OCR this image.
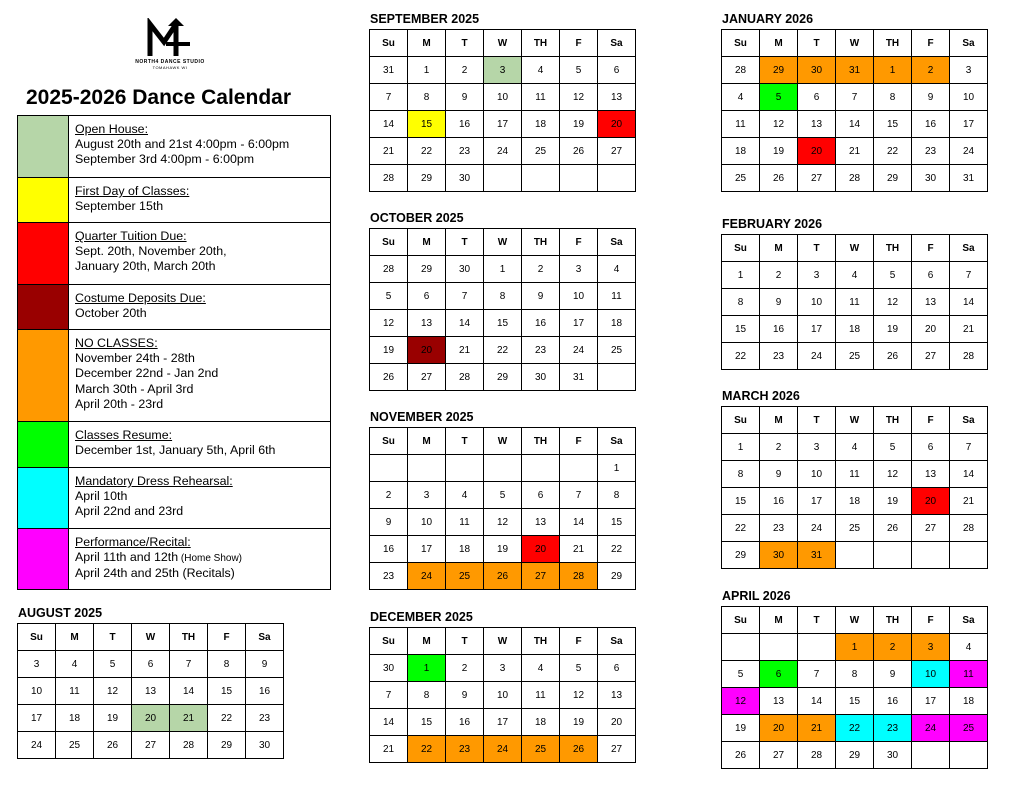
NORTH4 DANCE STUDIO
TOMAHAWK WI
2025-2026 Dance Calendar

	Open House:
August 20th and 21st 4:00pm - 6:00pm
September 3rd 4:00pm - 6:00pm

	First Day of Classes:
September 15th

	Quarter Tuition Due:
Sept. 20th, November 20th,
January 20th, March 20th

	Costume Deposits Due:
October 20th

	NO CLASSES:
November 24th - 28th
December 22nd - Jan 2nd
March 30th - April 3rd
April 20th - 23rd

	Classes Resume:
December 1st, January 5th, April 6th

	Mandatory Dress Rehearsal:
April 10th
April 22nd and 23rd

	Performance/Recital:
April 11th and 12th (Home Show)
April 24th and 25th (Recitals)
AUGUST 2025
Su	M	T	W	TH	F	Sa
3	4	5	6	7	8	9
10	11	12	13	14	15	16
17	18	19	20	21	22	23
24	25	26	27	28	29	30
SEPTEMBER 2025
Su	M	T	W	TH	F	Sa
31	1	2	3	4	5	6
7	8	9	10	11	12	13
14	15	16	17	18	19	20
21	22	23	24	25	26	27
28	29	30				
OCTOBER 2025
Su	M	T	W	TH	F	Sa
28	29	30	1	2	3	4
5	6	7	8	9	10	11
12	13	14	15	16	17	18
19	20	21	22	23	24	25
26	27	28	29	30	31	
NOVEMBER 2025
Su	M	T	W	TH	F	Sa
						1
2	3	4	5	6	7	8
9	10	11	12	13	14	15
16	17	18	19	20	21	22
23	24	25	26	27	28	29
DECEMBER 2025
Su	M	T	W	TH	F	Sa
30	1	2	3	4	5	6
7	8	9	10	11	12	13
14	15	16	17	18	19	20
21	22	23	24	25	26	27
JANUARY 2026
Su	M	T	W	TH	F	Sa
28	29	30	31	1	2	3
4	5	6	7	8	9	10
11	12	13	14	15	16	17
18	19	20	21	22	23	24
25	26	27	28	29	30	31
FEBRUARY 2026
Su	M	T	W	TH	F	Sa
1	2	3	4	5	6	7
8	9	10	11	12	13	14
15	16	17	18	19	20	21
22	23	24	25	26	27	28
MARCH 2026
Su	M	T	W	TH	F	Sa
1	2	3	4	5	6	7
8	9	10	11	12	13	14
15	16	17	18	19	20	21
22	23	24	25	26	27	28
29	30	31				
APRIL 2026
Su	M	T	W	TH	F	Sa
			1	2	3	4
5	6	7	8	9	10	11
12	13	14	15	16	17	18
19	20	21	22	23	24	25
26	27	28	29	30		
